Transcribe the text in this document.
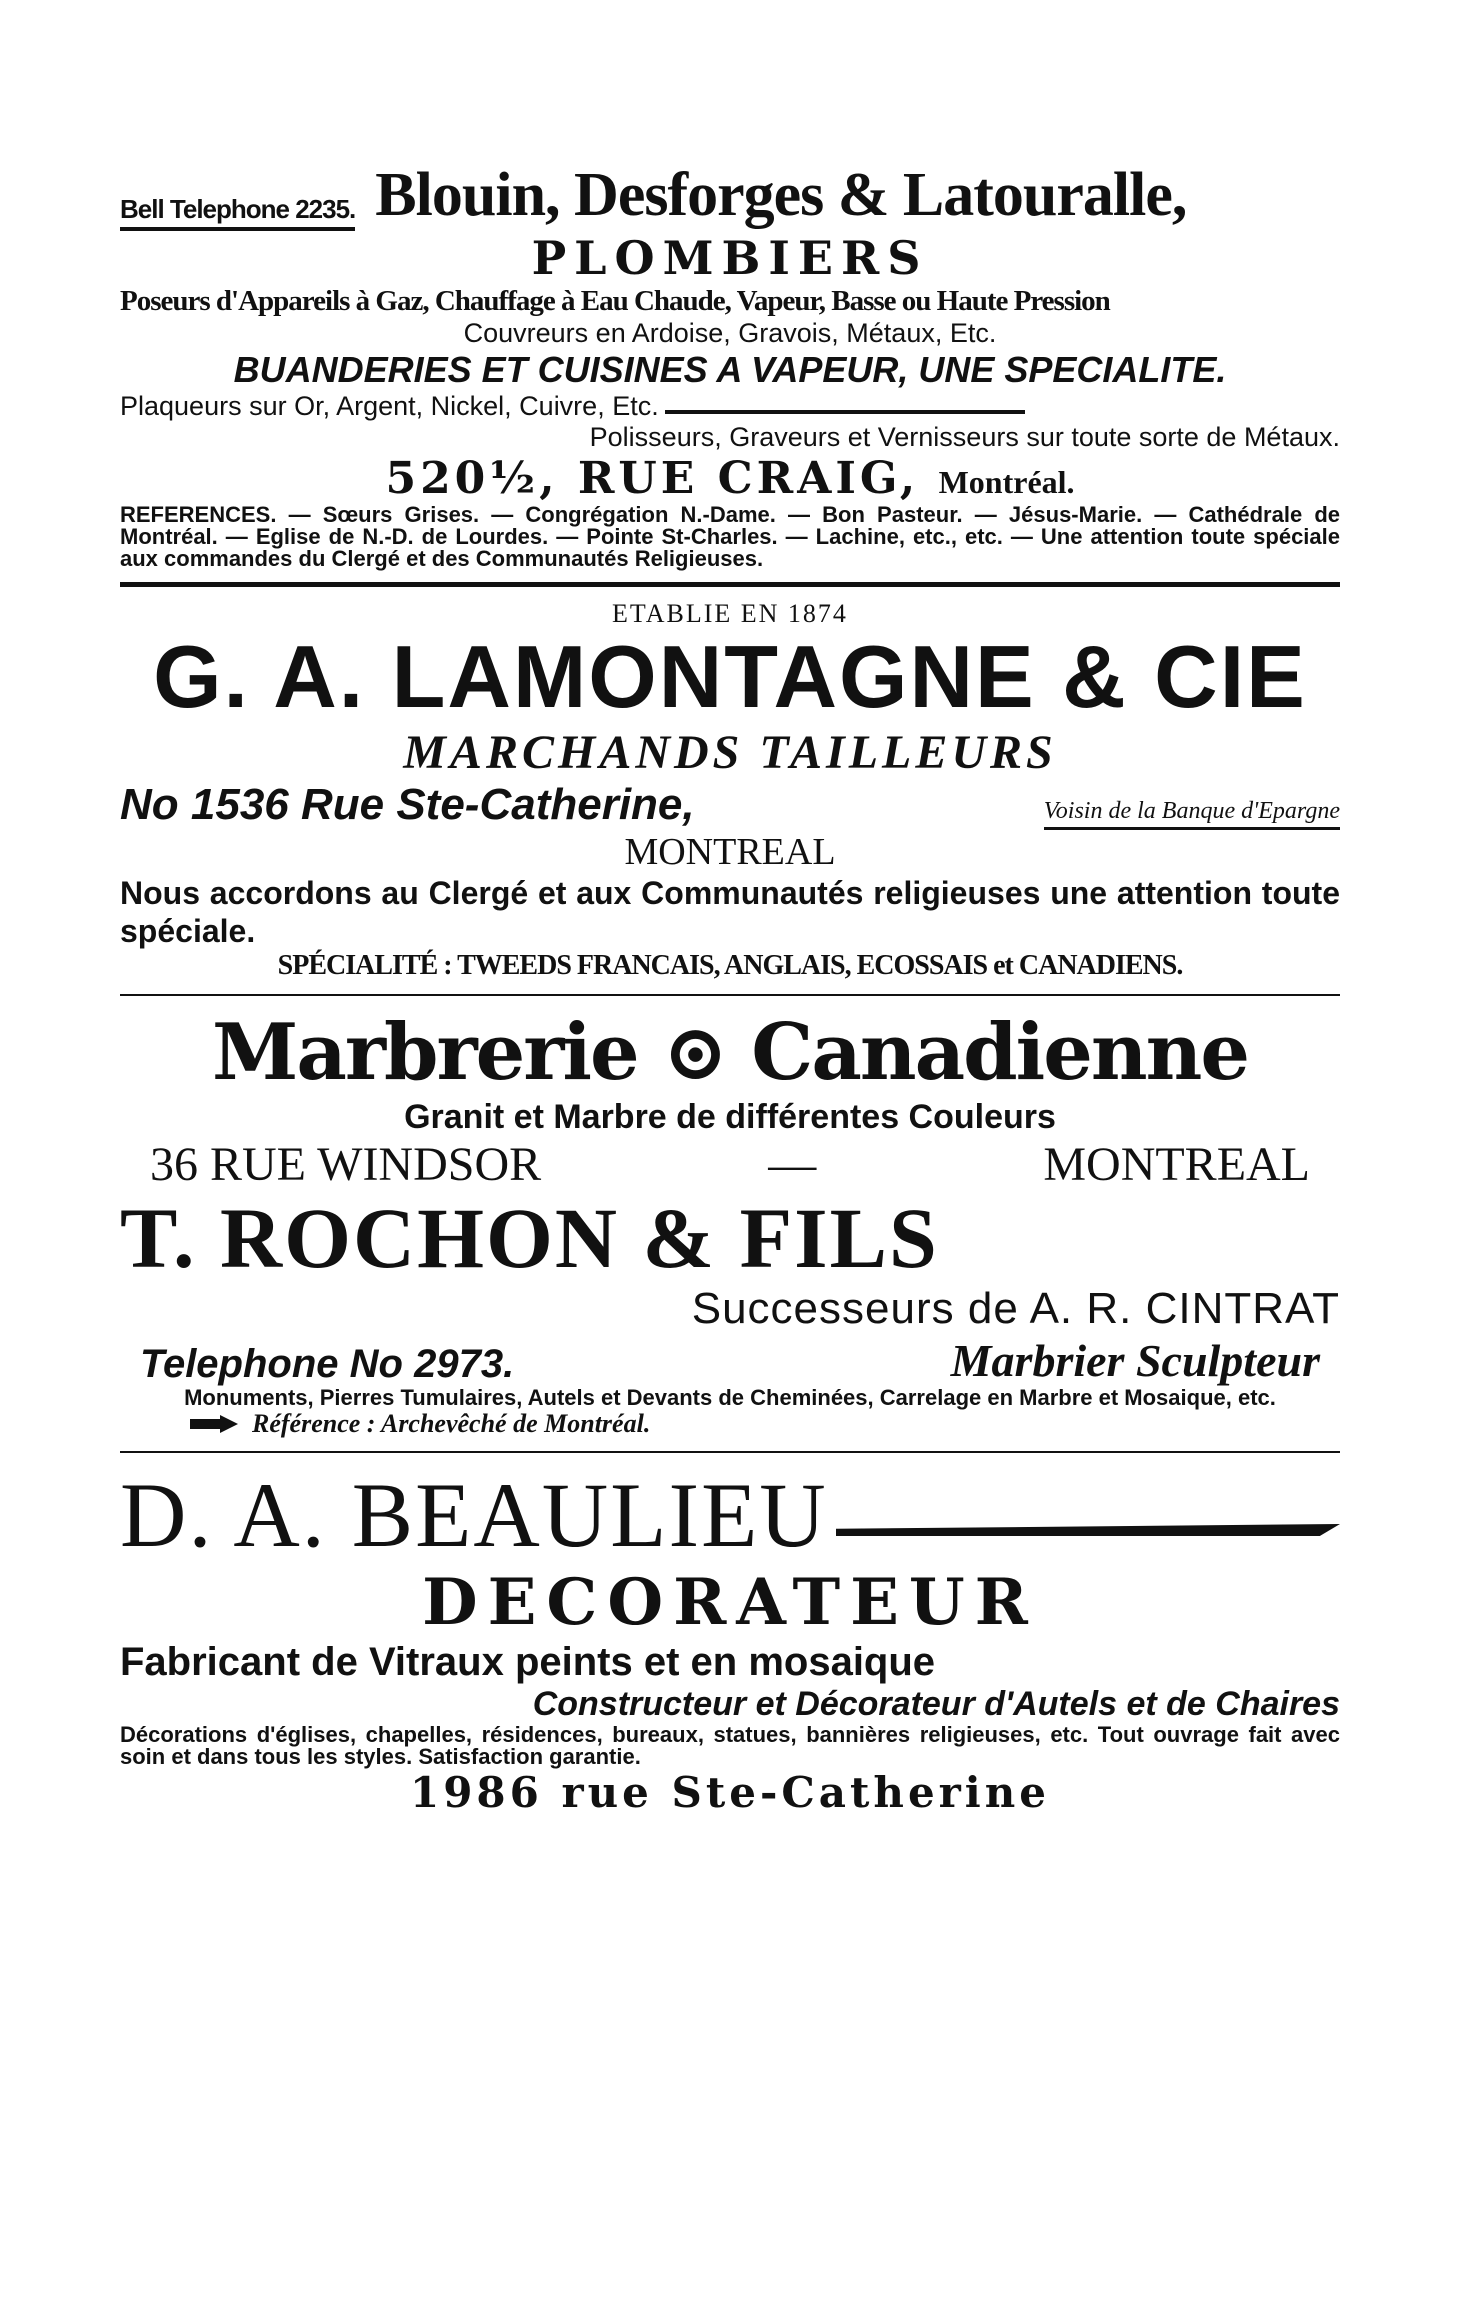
Bell Telephone 2235. Blouin, Desforges & Latouralle,
PLOMBIERS
Poseurs d'Appareils à Gaz, Chauffage à Eau Chaude, Vapeur, Basse ou Haute Pression
Couvreurs en Ardoise, Gravois, Métaux, Etc.
BUANDERIES ET CUISINES A VAPEUR, UNE SPECIALITE.
Plaqueurs sur Or, Argent, Nickel, Cuivre, Etc.
Polisseurs, Graveurs et Vernisseurs sur toute sorte de Métaux.
520½, RUE CRAIG, Montréal.
REFERENCES. — Sœurs Grises. — Congrégation N.-Dame. — Bon Pasteur. — Jésus-Marie. — Cathédrale de Montréal. — Eglise de N.-D. de Lourdes. — Pointe St-Charles. — Lachine, etc., etc. — Une attention toute spéciale aux commandes du Clergé et des Communautés Religieuses.
ETABLIE EN 1874
G. A. LAMONTAGNE & CIE
MARCHANDS TAILLEURS
No 1536 Rue Ste-Catherine,	Voisin de la Banque d'Epargne
MONTREAL
Nous accordons au Clergé et aux Communautés religieuses une attention toute spéciale.
SPÉCIALITÉ : TWEEDS FRANCAIS, ANGLAIS, ECOSSAIS et CANADIENS.
Marbrerie ⊙ Canadienne
Granit et Marbre de différentes Couleurs
36 RUE WINDSOR	—	MONTREAL
T. ROCHON & FILS
Successeurs de A. R. CINTRAT
Telephone No 2973.	Marbrier Sculpteur
Monuments, Pierres Tumulaires, Autels et Devants de Cheminées, Carrelage en Marbre et Mosaique, etc.
Référence : Archevêché de Montréal.
D. A. BEAULIEU
DECORATEUR
Fabricant de Vitraux peints et en mosaique
Constructeur et Décorateur d'Autels et de Chaires
Décorations d'églises, chapelles, résidences, bureaux, statues, bannières religieuses, etc. Tout ouvrage fait avec soin et dans tous les styles. Satisfaction garantie.
1986 rue Ste-Catherine
